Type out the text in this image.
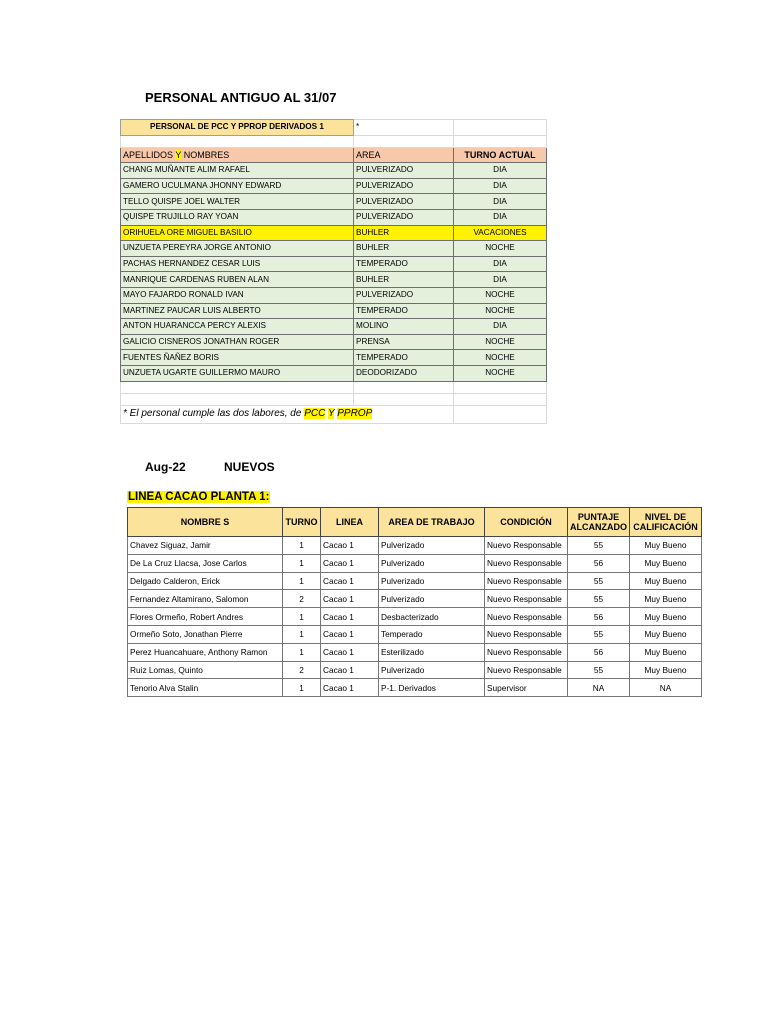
PERSONAL ANTIGUO AL 31/07
PERSONAL DE PCC Y PPROP DERIVADOS 1	*	

APELLIDOS Y NOMBRES	AREA	TURNO ACTUAL
CHANG MUÑANTE ALIM RAFAEL	PULVERIZADO	DIA
GAMERO UCULMANA JHONNY EDWARD	PULVERIZADO	DIA
TELLO QUISPE JOEL WALTER	PULVERIZADO	DIA
QUISPE TRUJILLO RAY YOAN	PULVERIZADO	DIA
ORIHUELA ORE MIGUEL BASILIO	BUHLER	VACACIONES
UNZUETA PEREYRA JORGE ANTONIO	BUHLER	NOCHE
PACHAS HERNANDEZ CESAR LUIS	TEMPERADO	DIA
MANRIQUE CARDENAS RUBEN ALAN	BUHLER	DIA
MAYO FAJARDO RONALD IVAN	PULVERIZADO	NOCHE
MARTINEZ PAUCAR LUIS ALBERTO	TEMPERADO	NOCHE
ANTON HUARANCCA PERCY ALEXIS	MOLINO	DIA
GALICIO CISNEROS JONATHAN ROGER	PRENSA	NOCHE
FUENTES ÑAÑEZ BORIS	TEMPERADO	NOCHE
UNZUETA UGARTE GUILLERMO MAURO	DEODORIZADO	NOCHE

* El personal cumple las dos labores, de PCC Y PPROP		
Aug-22	NUEVOS
LINEA CACAO PLANTA 1:
NOMBRE S	TURNO	LINEA	AREA DE TRABAJO	CONDICIÓN	PUNTAJE ALCANZADO	NIVEL DE CALIFICACIÓN
Chavez Siguaz, Jamir	1	Cacao 1	Pulverizado	Nuevo Responsable	55	Muy Bueno
De La Cruz Llacsa, Jose Carlos	1	Cacao 1	Pulverizado	Nuevo Responsable	56	Muy Bueno
Delgado Calderon, Erick	1	Cacao 1	Pulverizado	Nuevo Responsable	55	Muy Bueno
Fernandez Altamirano, Salomon	2	Cacao 1	Pulverizado	Nuevo Responsable	55	Muy Bueno
Flores Ormeño, Robert Andres	1	Cacao 1	Desbacterizado	Nuevo Responsable	56	Muy Bueno
Ormeño Soto, Jonathan Pierre	1	Cacao 1	Temperado	Nuevo Responsable	55	Muy Bueno
Perez Huancahuare, Anthony Ramon	1	Cacao 1	Esterilizado	Nuevo Responsable	56	Muy Bueno
Ruiz Lomas, Quinto	2	Cacao 1	Pulverizado	Nuevo Responsable	55	Muy Bueno
Tenorio Alva Stalin	1	Cacao 1	P-1. Derivados	Supervisor	NA	NA
